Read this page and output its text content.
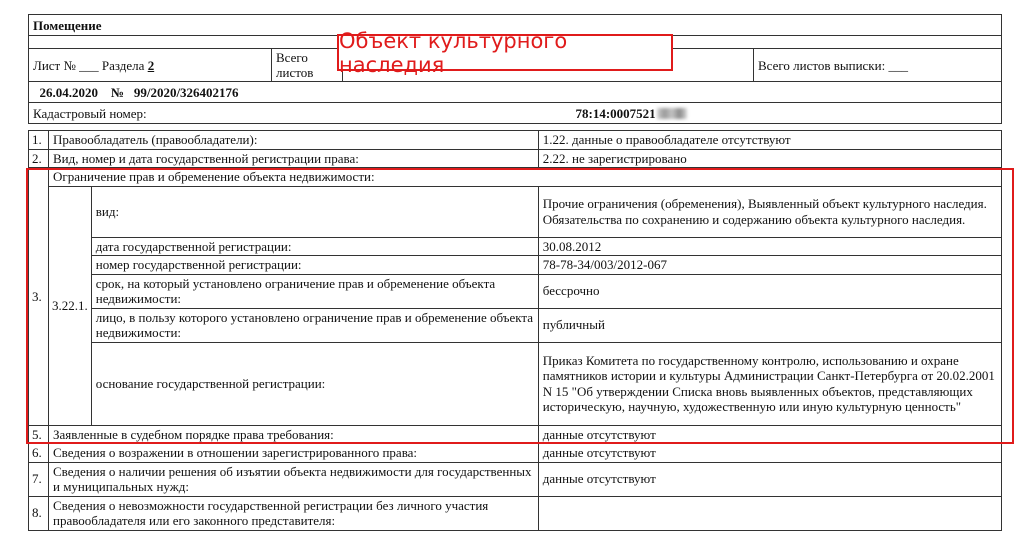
Помещение			

Лист № ___ Раздела 2	Всего листов		Всего листов выписки: ___
26.04.2020 № 99/2020/326402176			
Кадастровый номер:		78:14:0007521	
1.	Правообладатель (правообладатели):		1.22. данные о правообладателе отсутствуют
2.	Вид, номер и дата государственной регистрации права:		2.22. не зарегистрировано
3.	Ограничение прав и обременение объекта недвижимости:		
	3.22.1.	вид:	Прочие ограничения (обременения), Выявленный объект культурного наследия. Обязательства по сохранению и содержанию объекта культурного наследия.
		дата государственной регистрации:	30.08.2012
		номер государственной регистрации:	78-78-34/003/2012-067
		срок, на который установлено ограничение прав и обременение объекта недвижимости:	бессрочно
		лицо, в пользу которого установлено ограничение прав и обременение объекта недвижимости:	публичный
		основание государственной регистрации:	Приказ Комитета по государственному контролю, использованию и охране памятников истории и культуры Администрации Санкт-Петербурга от 20.02.2001 N 15 "Об утверждении Списка вновь выявленных объектов, представляющих историческую, научную, художественную или иную культурную ценность"
5.	Заявленные в судебном порядке права требования:		данные отсутствуют
6.	Сведения о возражении в отношении зарегистрированного права:		данные отсутствуют
7.	Сведения о наличии решения об изъятии объекта недвижимости для государственных и муниципальных нужд:		данные отсутствуют
8.	Сведения о невозможности государственной регистрации без личного участия правообладателя или его законного представителя:		
Объект культурного наследия
